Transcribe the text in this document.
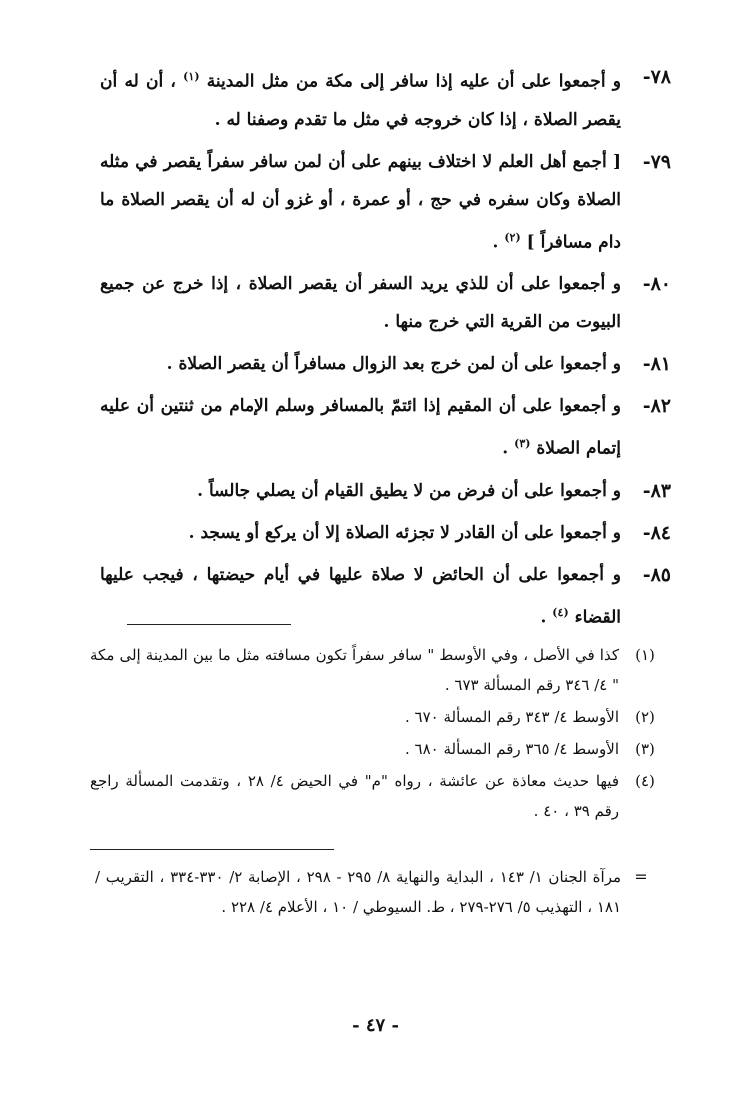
٧٨-
و أجمعوا على أن عليه إذا سافر إلى مكة من مثل المدينة $^{(١)}$ ، أن له أن يقصر الصلاة ، إذا كان خروجه في مثل ما تقدم وصفنا له .
٧٩-
[ أجمع أهل العلم لا اختلاف بينهم على أن لمن سافر سفراً يقصر في مثله الصلاة وكان سفره في حج ، أو عمرة ، أو غزو أن له أن يقصر الصلاة ما دام مسافراً ] $^{(٢)}$ .
٨٠-
و أجمعوا على أن للذي يريد السفر أن يقصر الصلاة ، إذا خرج عن جميع البيوت من القرية التي خرج منها .
٨١-
و أجمعوا على أن لمن خرج بعد الزوال مسافراً أن يقصر الصلاة .
٨٢-
و أجمعوا على أن المقيم إذا ائتمّ بالمسافر وسلم الإمام من ثنتين أن عليه إتمام الصلاة $^{(٣)}$ .
٨٣-
و أجمعوا على أن فرض من لا يطيق القيام أن يصلي جالساً .
٨٤-
و أجمعوا على أن القادر لا تجزئه الصلاة إلا أن يركع أو يسجد .
٨٥-
و أجمعوا على أن الحائض لا صلاة عليها في أيام حيضتها ، فيجب عليها القضاء $^{(٤)}$ .
(١)
كذا في الأصل ، وفي الأوسط " سافر سفراً تكون مسافته مثل ما بين المدينة إلى مكة " ٤/ ٣٤٦ رقم المسألة ٦٧٣ .
(٢)
الأوسط ٤/ ٣٤٣ رقم المسألة ٦٧٠ .
(٣)
الأوسط ٤/ ٣٦٥ رقم المسألة ٦٨٠ .
(٤)
فيها حديث معاذة عن عائشة ، رواه "م" في الحيض ٤/ ٢٨ ، وتقدمت المسألة راجع رقم ٣٩ ، ٤٠ .
=
مرآة الجنان ١/ ١٤٣ ، البداية والنهاية ٨/ ٢٩٥ - ٢٩٨ ، الإصابة ٢/ ٣٣٠-٣٣٤ ، التقريب / ١٨١ ، التهذيب ٥/ ٢٧٦-٢٧٩ ، ط. السيوطي / ١٠ ، الأعلام ٤/ ٢٢٨ .
- ٤٧ -
